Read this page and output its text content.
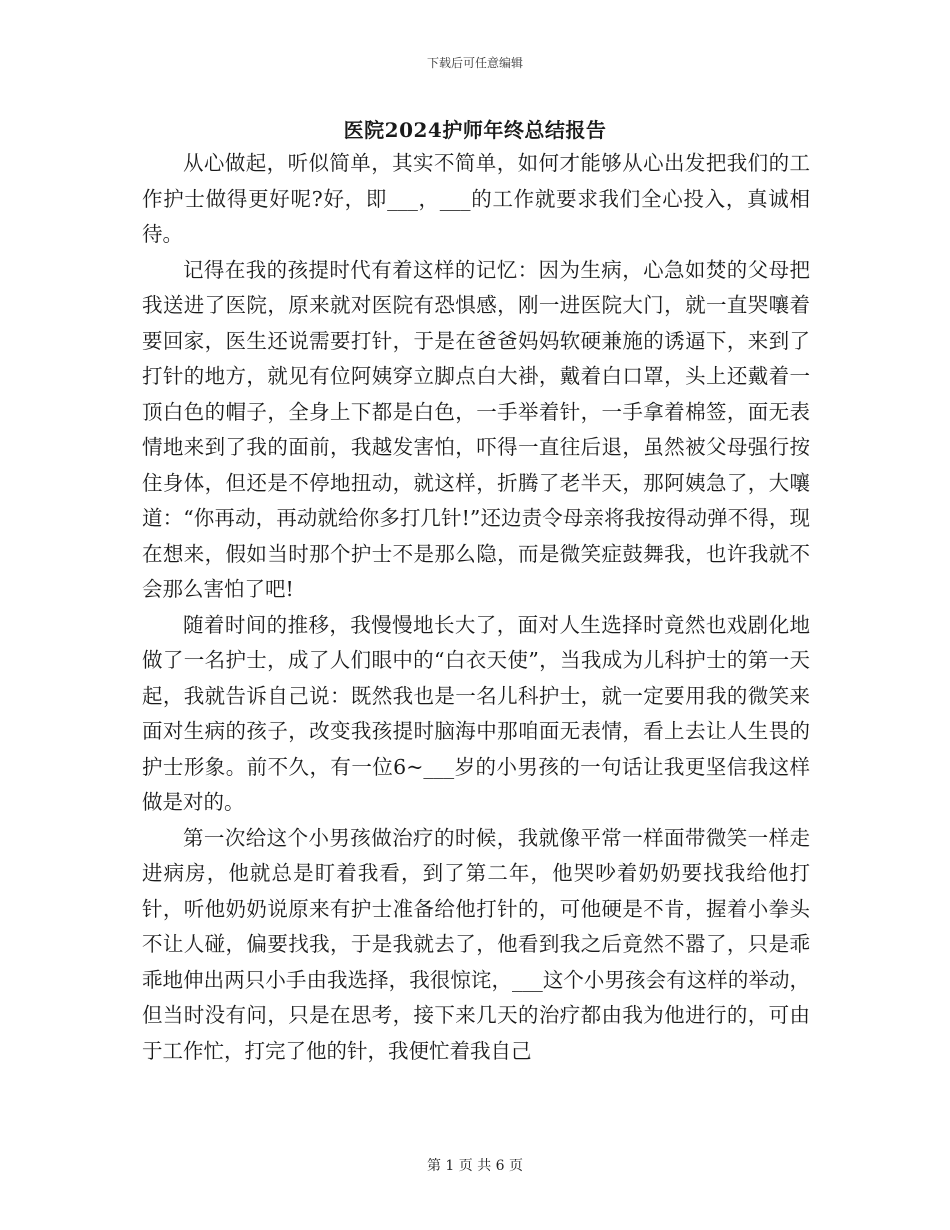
下载后可任意编辑
医院2024护师年终总结报告

从心做起，听似简单，其实不简单，如何才能够从心出发把我们的工作护士做得更好呢?好，即___，___的工作就要求我们全心投入，真诚相待。

记得在我的孩提时代有着这样的记忆：因为生病，心急如焚的父母把我送进了医院，原来就对医院有恐惧感，刚一进医院大门，就一直哭嚷着要回家，医生还说需要打针，于是在爸爸妈妈软硬兼施的诱逼下，来到了打针的地方，就见有位阿姨穿立脚点白大褂，戴着白口罩，头上还戴着一顶白色的帽子，全身上下都是白色，一手举着针，一手拿着棉签，面无表情地来到了我的面前，我越发害怕，吓得一直往后退，虽然被父母强行按住身体，但还是不停地扭动，就这样，折腾了老半天，那阿姨急了，大嚷道：“你再动，再动就给你多打几针!”还边责令母亲将我按得动弹不得，现在想来，假如当时那个护士不是那么隐，而是微笑症鼓舞我，也许我就不会那么害怕了吧!

随着时间的推移，我慢慢地长大了，面对人生选择时竟然也戏剧化地做了一名护士，成了人们眼中的“白衣天使”，当我成为儿科护士的第一天起，我就告诉自己说：既然我也是一名儿科护士，就一定要用我的微笑来面对生病的孩子，改变我孩提时脑海中那咱面无表情，看上去让人生畏的护士形象。前不久，有一位6~___岁的小男孩的一句话让我更坚信我这样做是对的。

第一次给这个小男孩做治疗的时候，我就像平常一样面带微笑一样走进病房，他就总是盯着我看，到了第二年，他哭吵着奶奶要找我给他打针，听他奶奶说原来有护士准备给他打针的，可他硬是不肯，握着小拳头不让人碰，偏要找我，于是我就去了，他看到我之后竟然不嚣了，只是乖乖地伸出两只小手由我选择，我很惊诧，___这个小男孩会有这样的举动，但当时没有问，只是在思考，接下来几天的治疗都由我为他进行的，可由于工作忙，打完了他的针，我便忙着我自己

第 1 页 共 6 页
